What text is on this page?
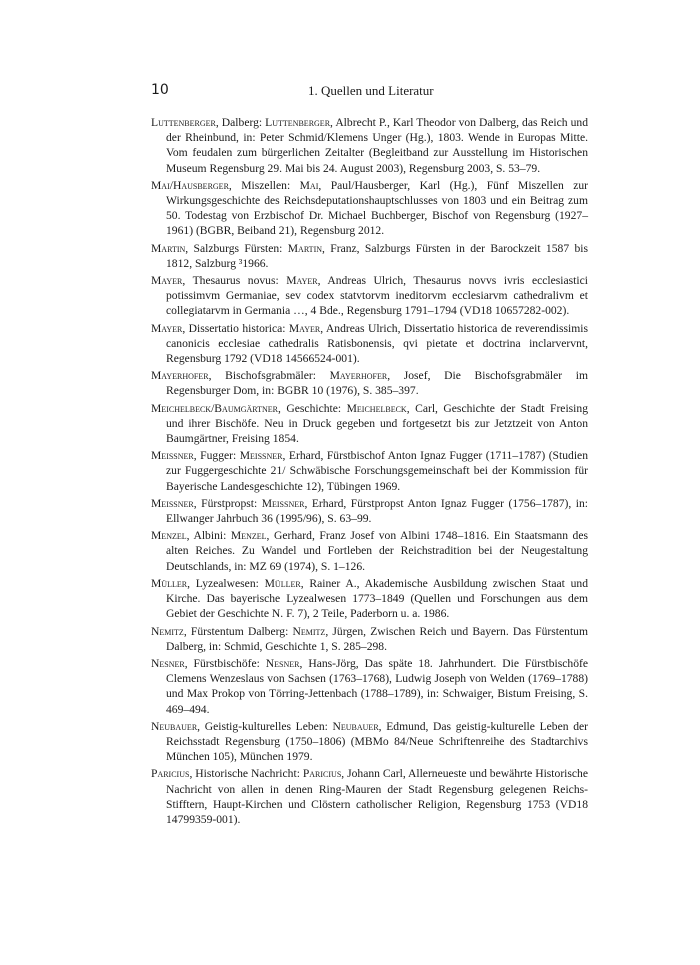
10	1. Quellen und Literatur
Luttenberger, Dalberg: Luttenberger, Albrecht P., Karl Theodor von Dalberg, das Reich und der Rheinbund, in: Peter Schmid/Klemens Unger (Hg.), 1803. Wende in Europas Mitte. Vom feudalen zum bürgerlichen Zeitalter (Begleitband zur Ausstellung im Historischen Museum Regensburg 29. Mai bis 24. August 2003), Regensburg 2003, S. 53–79.
Mai/Hausberger, Miszellen: Mai, Paul/Hausberger, Karl (Hg.), Fünf Miszellen zur Wirkungsgeschichte des Reichsdeputationshauptschlusses von 1803 und ein Beitrag zum 50. Todestag von Erzbischof Dr. Michael Buchberger, Bischof von Regensburg (1927–1961) (BGBR, Beiband 21), Regensburg 2012.
Martin, Salzburgs Fürsten: Martin, Franz, Salzburgs Fürsten in der Barockzeit 1587 bis 1812, Salzburg ³1966.
Mayer, Thesaurus novus: Mayer, Andreas Ulrich, Thesaurus novvs ivris ecclesiastici potissimvm Germaniae, sev codex statvtorvm ineditorvm ecclesiarvm cathedralivm et collegiatarvm in Germania …, 4 Bde., Regensburg 1791–1794 (VD18 10657282-002).
Mayer, Dissertatio historica: Mayer, Andreas Ulrich, Dissertatio historica de reverendissimis canonicis ecclesiae cathedralis Ratisbonensis, qvi pietate et doctrina inclarvervnt, Regensburg 1792 (VD18 14566524-001).
Mayerhofer, Bischofsgrabmäler: Mayerhofer, Josef, Die Bischofsgrabmäler im Regensburger Dom, in: BGBR 10 (1976), S. 385–397.
Meichelbeck/Baumgärtner, Geschichte: Meichelbeck, Carl, Geschichte der Stadt Freising und ihrer Bischöfe. Neu in Druck gegeben und fortgesetzt bis zur Jetztzeit von Anton Baumgärtner, Freising 1854.
Meissner, Fugger: Meissner, Erhard, Fürstbischof Anton Ignaz Fugger (1711–1787) (Studien zur Fuggergeschichte 21/ Schwäbische Forschungsgemeinschaft bei der Kommission für Bayerische Landesgeschichte 12), Tübingen 1969.
Meissner, Fürstpropst: Meissner, Erhard, Fürstpropst Anton Ignaz Fugger (1756–1787), in: Ellwanger Jahrbuch 36 (1995/96), S. 63–99.
Menzel, Albini: Menzel, Gerhard, Franz Josef von Albini 1748–1816. Ein Staatsmann des alten Reiches. Zu Wandel und Fortleben der Reichstradition bei der Neugestaltung Deutschlands, in: MZ 69 (1974), S. 1–126.
Müller, Lyzealwesen: Müller, Rainer A., Akademische Ausbildung zwischen Staat und Kirche. Das bayerische Lyzealwesen 1773–1849 (Quellen und Forschungen aus dem Gebiet der Geschichte N. F. 7), 2 Teile, Paderborn u. a. 1986.
Nemitz, Fürstentum Dalberg: Nemitz, Jürgen, Zwischen Reich und Bayern. Das Fürstentum Dalberg, in: Schmid, Geschichte 1, S. 285–298.
Nesner, Fürstbischöfe: Nesner, Hans-Jörg, Das späte 18. Jahrhundert. Die Fürstbischöfe Clemens Wenzeslaus von Sachsen (1763–1768), Ludwig Joseph von Welden (1769–1788) und Max Prokop von Törring-Jettenbach (1788–1789), in: Schwaiger, Bistum Freising, S. 469–494.
Neubauer, Geistig-kulturelles Leben: Neubauer, Edmund, Das geistig-kulturelle Leben der Reichsstadt Regensburg (1750–1806) (MBMo 84/Neue Schriftenreihe des Stadtarchivs München 105), München 1979.
Paricius, Historische Nachricht: Paricius, Johann Carl, Allerneueste und bewährte Historische Nachricht von allen in denen Ring-Mauren der Stadt Regensburg gelegenen Reichs-Stifftern, Haupt-Kirchen und Clöstern catholischer Religion, Regensburg 1753 (VD18 14799359-001).
